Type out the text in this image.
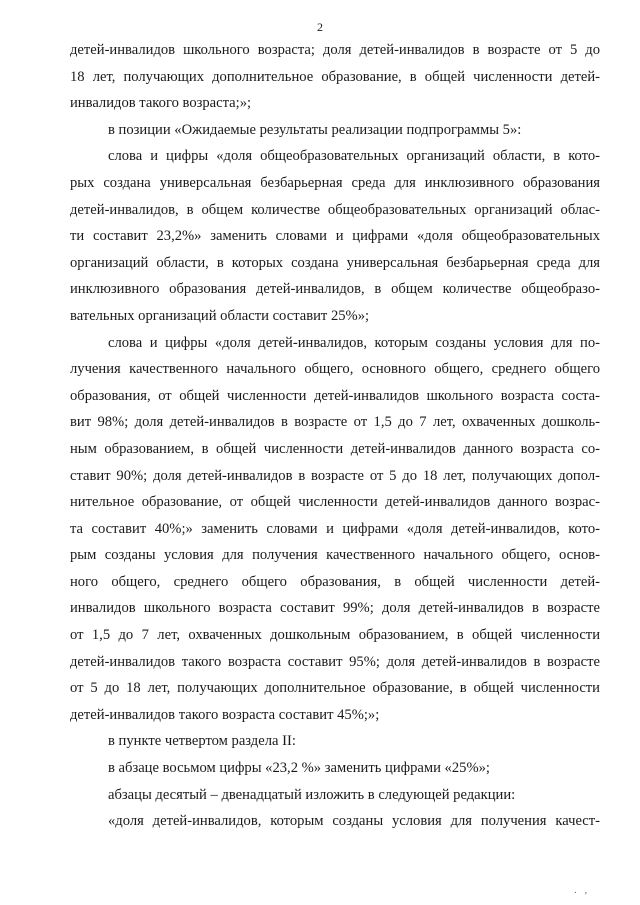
2
детей-инвалидов школьного возраста; доля детей-инвалидов в возрасте от 5 до
18 лет, получающих дополнительное образование, в общей численности детей-
инвалидов такого возраста;»;
в позиции «Ожидаемые результаты реализации подпрограммы 5»:
слова и цифры «доля общеобразовательных организаций области, в кото-
рых создана универсальная безбарьерная среда для инклюзивного образования
детей-инвалидов, в общем количестве общеобразовательных организаций облас-
ти составит 23,2%» заменить словами и цифрами «доля общеобразовательных
организаций области, в которых создана универсальная безбарьерная среда для
инклюзивного образования детей-инвалидов, в общем количестве общеобразо-
вательных организаций области составит 25%»;
слова и цифры «доля детей-инвалидов, которым созданы условия для по-
лучения качественного начального общего, основного общего, среднего общего
образования, от общей численности детей-инвалидов школьного возраста соста-
вит 98%; доля детей-инвалидов в возрасте от 1,5 до 7 лет, охваченных дошколь-
ным образованием, в общей численности детей-инвалидов данного возраста со-
ставит 90%; доля детей-инвалидов в возрасте от 5 до 18 лет, получающих допол-
нительное образование, от общей численности детей-инвалидов данного возрас-
та составит 40%;» заменить словами и цифрами «доля детей-инвалидов, кото-
рым созданы условия для получения качественного начального общего, основ-
ного общего, среднего общего образования, в общей численности детей-
инвалидов школьного возраста составит 99%; доля детей-инвалидов в возрасте
от 1,5 до 7 лет, охваченных дошкольным образованием, в общей численности
детей-инвалидов такого возраста составит 95%; доля детей-инвалидов в возрасте
от 5 до 18 лет, получающих дополнительное образование, в общей численности
детей-инвалидов такого возраста составит 45%;»;
в пункте четвертом раздела II:
в абзаце восьмом цифры «23,2 %» заменить цифрами «25%»;
абзацы десятый – двенадцатый изложить в следующей редакции:
«доля детей-инвалидов, которым созданы условия для получения качест-
. ,
